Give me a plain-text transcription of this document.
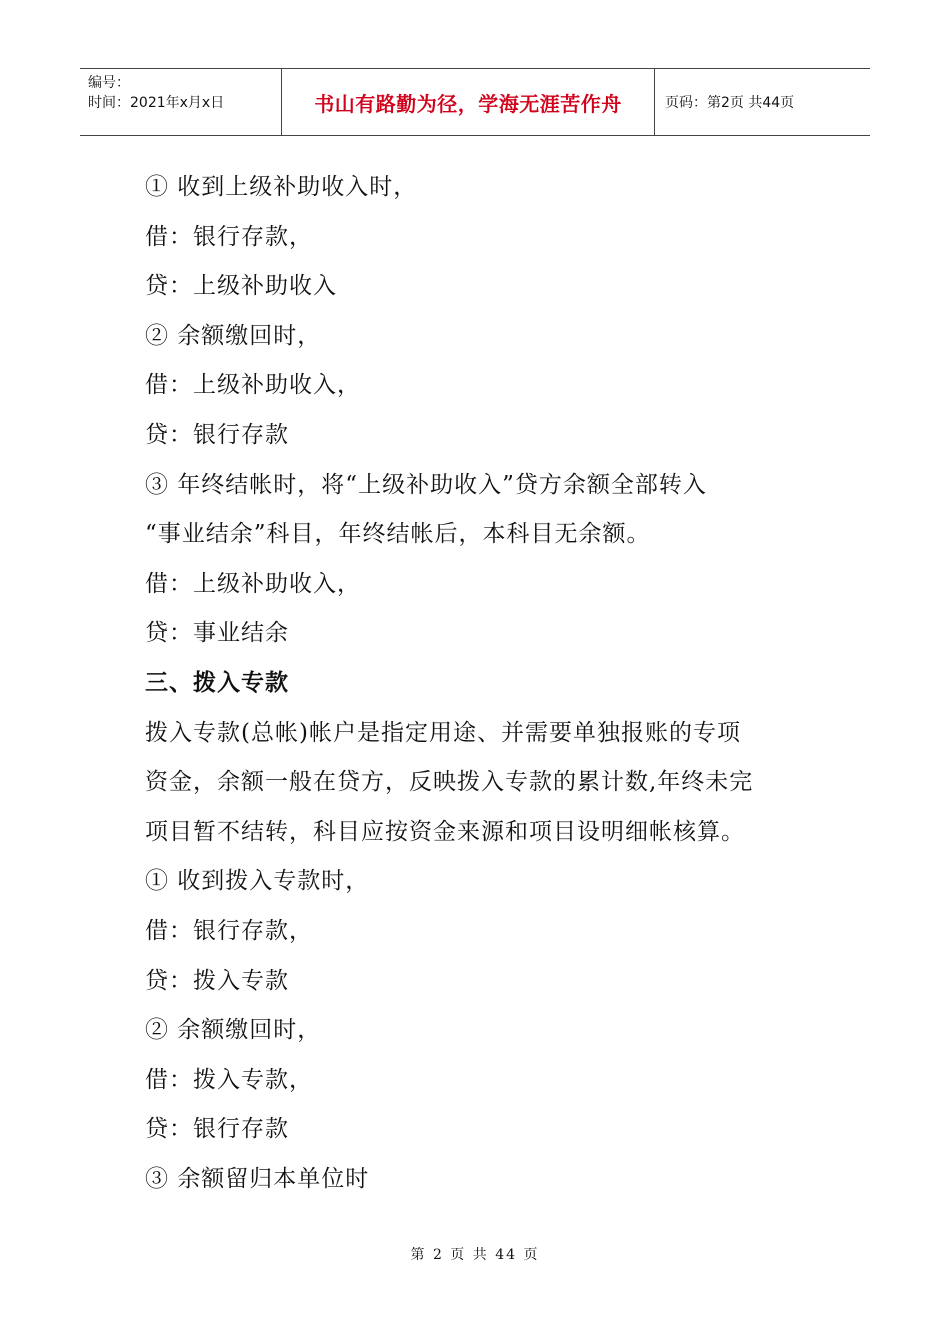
编号：
时间：2021年x月x日	书山有路勤为径，学海无涯苦作舟	页码：第2页 共44页
① 收到上级补助收入时，
借：银行存款，
贷：上级补助收入
② 余额缴回时，
借：上级补助收入，
贷：银行存款
③ 年终结帐时，将“上级补助收入”贷方余额全部转入
“事业结余”科目，年终结帐后，本科目无余额。
借：上级补助收入，
贷：事业结余
三、拨入专款
拨入专款(总帐)帐户是指定用途、并需要单独报账的专项
资金，余额一般在贷方，反映拨入专款的累计数,年终未完
项目暂不结转，科目应按资金来源和项目设明细帐核算。
① 收到拨入专款时，
借：银行存款，
贷：拨入专款
② 余额缴回时，
借：拨入专款，
贷：银行存款
③ 余额留归本单位时
第 2 页 共 44 页
